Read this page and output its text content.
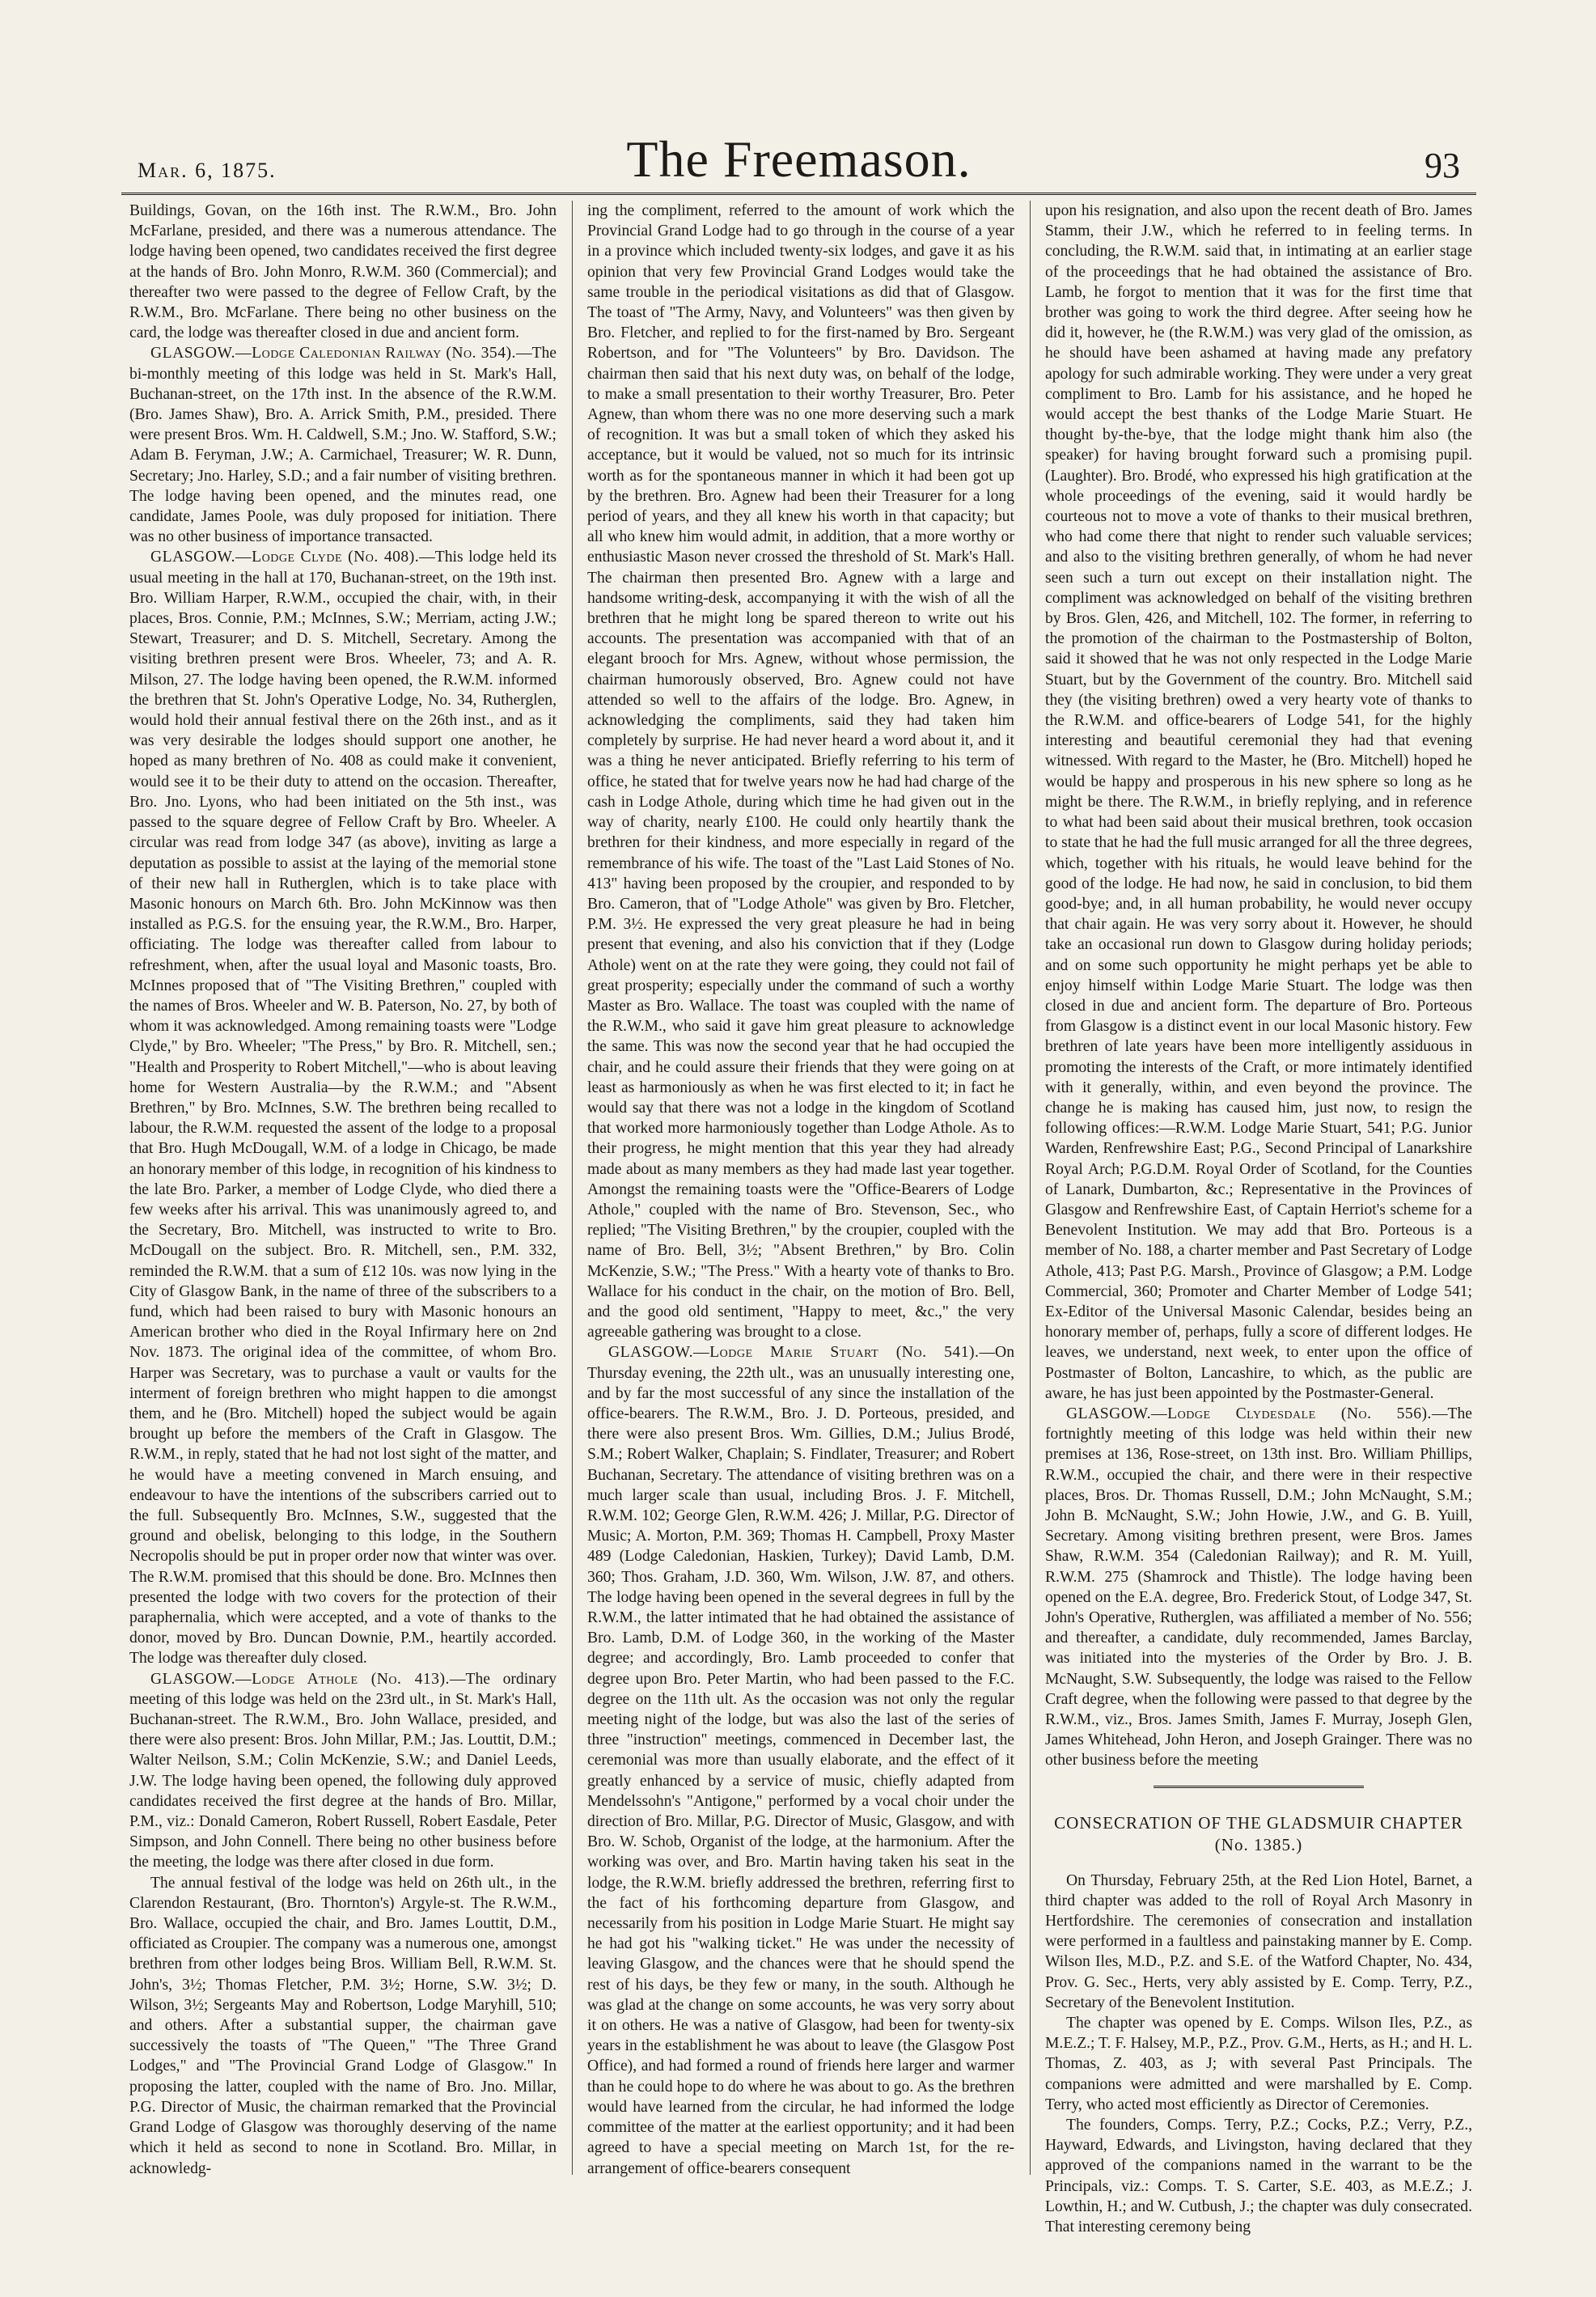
Mar. 6, 1875.	The Freemason.	93

Buildings, Govan, on the 16th inst. The R.W.M., Bro. John McFarlane, presided, and there was a numerous attendance. The lodge having been opened, two candidates received the first degree at the hands of Bro. John Monro, R.W.M. 360 (Commercial); and thereafter two were passed to the degree of Fellow Craft, by the R.W.M., Bro. McFarlane. There being no other business on the card, the lodge was thereafter closed in due and ancient form.

GLASGOW.—Lodge Caledonian Railway (No. 354).—The bi-monthly meeting of this lodge was held in St. Mark's Hall, Buchanan-street, on the 17th inst. In the absence of the R.W.M. (Bro. James Shaw), Bro. A. Arrick Smith, P.M., presided. There were present Bros. Wm. H. Caldwell, S.M.; Jno. W. Stafford, S.W.; Adam B. Feryman, J.W.; A. Carmichael, Treasurer; W. R. Dunn, Secretary; Jno. Harley, S.D.; and a fair number of visiting brethren. The lodge having been opened, and the minutes read, one candidate, James Poole, was duly proposed for initiation. There was no other business of importance transacted.

GLASGOW.—Lodge Clyde (No. 408).—This lodge held its usual meeting in the hall at 170, Buchanan-street, on the 19th inst. Bro. William Harper, R.W.M., occupied the chair, with, in their places, Bros. Connie, P.M.; McInnes, S.W.; Merriam, acting J.W.; Stewart, Treasurer; and D. S. Mitchell, Secretary. Among the visiting brethren present were Bros. Wheeler, 73; and A. R. Milson, 27. The lodge having been opened, the R.W.M. informed the brethren that St. John's Operative Lodge, No. 34, Rutherglen, would hold their annual festival there on the 26th inst., and as it was very desirable the lodges should support one another, he hoped as many brethren of No. 408 as could make it convenient, would see it to be their duty to attend on the occasion. Thereafter, Bro. Jno. Lyons, who had been initiated on the 5th inst., was passed to the square degree of Fellow Craft by Bro. Wheeler. A circular was read from lodge 347 (as above), inviting as large a deputation as possible to assist at the laying of the memorial stone of their new hall in Rutherglen, which is to take place with Masonic honours on March 6th. Bro. John McKinnow was then installed as P.G.S. for the ensuing year, the R.W.M., Bro. Harper, officiating. The lodge was thereafter called from labour to refreshment, when, after the usual loyal and Masonic toasts, Bro. McInnes proposed that of "The Visiting Brethren," coupled with the names of Bros. Wheeler and W. B. Paterson, No. 27, by both of whom it was acknowledged. Among remaining toasts were "Lodge Clyde," by Bro. Wheeler; "The Press," by Bro. R. Mitchell, sen.; "Health and Prosperity to Robert Mitchell,"—who is about leaving home for Western Australia—by the R.W.M.; and "Absent Brethren," by Bro. McInnes, S.W. The brethren being recalled to labour, the R.W.M. requested the assent of the lodge to a proposal that Bro. Hugh McDougall, W.M. of a lodge in Chicago, be made an honorary member of this lodge, in recognition of his kindness to the late Bro. Parker, a member of Lodge Clyde, who died there a few weeks after his arrival. This was unanimously agreed to, and the Secretary, Bro. Mitchell, was instructed to write to Bro. McDougall on the subject. Bro. R. Mitchell, sen., P.M. 332, reminded the R.W.M. that a sum of £12 10s. was now lying in the City of Glasgow Bank, in the name of three of the subscribers to a fund, which had been raised to bury with Masonic honours an American brother who died in the Royal Infirmary here on 2nd Nov. 1873. The original idea of the committee, of whom Bro. Harper was Secretary, was to purchase a vault or vaults for the interment of foreign brethren who might happen to die amongst them, and he (Bro. Mitchell) hoped the subject would be again brought up before the members of the Craft in Glasgow. The R.W.M., in reply, stated that he had not lost sight of the matter, and he would have a meeting convened in March ensuing, and endeavour to have the intentions of the subscribers carried out to the full. Subsequently Bro. McInnes, S.W., suggested that the ground and obelisk, belonging to this lodge, in the Southern Necropolis should be put in proper order now that winter was over. The R.W.M. promised that this should be done. Bro. McInnes then presented the lodge with two covers for the protection of their paraphernalia, which were accepted, and a vote of thanks to the donor, moved by Bro. Duncan Downie, P.M., heartily accorded. The lodge was thereafter duly closed.

GLASGOW.—Lodge Athole (No. 413).—The ordinary meeting of this lodge was held on the 23rd ult., in St. Mark's Hall, Buchanan-street. The R.W.M., Bro. John Wallace, presided, and there were also present: Bros. John Millar, P.M.; Jas. Louttit, D.M.; Walter Neilson, S.M.; Colin McKenzie, S.W.; and Daniel Leeds, J.W. The lodge having been opened, the following duly approved candidates received the first degree at the hands of Bro. Millar, P.M., viz.: Donald Cameron, Robert Russell, Robert Easdale, Peter Simpson, and John Connell. There being no other business before the meeting, the lodge was there after closed in due form.

The annual festival of the lodge was held on 26th ult., in the Clarendon Restaurant, (Bro. Thornton's) Argyle-st. The R.W.M., Bro. Wallace, occupied the chair, and Bro. James Louttit, D.M., officiated as Croupier. The company was a numerous one, amongst brethren from other lodges being Bros. William Bell, R.W.M. St. John's, 3½; Thomas Fletcher, P.M. 3½; Horne, S.W. 3½; D. Wilson, 3½; Sergeants May and Robertson, Lodge Maryhill, 510; and others. After a substantial supper, the chairman gave successively the toasts of "The Queen," "The Three Grand Lodges," and "The Provincial Grand Lodge of Glasgow." In proposing the latter, coupled with the name of Bro. Jno. Millar, P.G. Director of Music, the chairman remarked that the Provincial Grand Lodge of Glasgow was thoroughly deserving of the name which it held as second to none in Scotland. Bro. Millar, in acknowledg-

ing the compliment, referred to the amount of work which the Provincial Grand Lodge had to go through in the course of a year in a province which included twenty-six lodges, and gave it as his opinion that very few Provincial Grand Lodges would take the same trouble in the periodical visitations as did that of Glasgow. The toast of "The Army, Navy, and Volunteers" was then given by Bro. Fletcher, and replied to for the first-named by Bro. Sergeant Robertson, and for "The Volunteers" by Bro. Davidson. The chairman then said that his next duty was, on behalf of the lodge, to make a small presentation to their worthy Treasurer, Bro. Peter Agnew, than whom there was no one more deserving such a mark of recognition. It was but a small token of which they asked his acceptance, but it would be valued, not so much for its intrinsic worth as for the spontaneous manner in which it had been got up by the brethren. Bro. Agnew had been their Treasurer for a long period of years, and they all knew his worth in that capacity; but all who knew him would admit, in addition, that a more worthy or enthusiastic Mason never crossed the threshold of St. Mark's Hall. The chairman then presented Bro. Agnew with a large and handsome writing-desk, accompanying it with the wish of all the brethren that he might long be spared thereon to write out his accounts. The presentation was accompanied with that of an elegant brooch for Mrs. Agnew, without whose permission, the chairman humorously observed, Bro. Agnew could not have attended so well to the affairs of the lodge. Bro. Agnew, in acknowledging the compliments, said they had taken him completely by surprise. He had never heard a word about it, and it was a thing he never anticipated. Briefly referring to his term of office, he stated that for twelve years now he had had charge of the cash in Lodge Athole, during which time he had given out in the way of charity, nearly £100. He could only heartily thank the brethren for their kindness, and more especially in regard of the remembrance of his wife. The toast of the "Last Laid Stones of No. 413" having been proposed by the croupier, and responded to by Bro. Cameron, that of "Lodge Athole" was given by Bro. Fletcher, P.M. 3½. He expressed the very great pleasure he had in being present that evening, and also his conviction that if they (Lodge Athole) went on at the rate they were going, they could not fail of great prosperity; especially under the command of such a worthy Master as Bro. Wallace. The toast was coupled with the name of the R.W.M., who said it gave him great pleasure to acknowledge the same. This was now the second year that he had occupied the chair, and he could assure their friends that they were going on at least as harmoniously as when he was first elected to it; in fact he would say that there was not a lodge in the kingdom of Scotland that worked more harmoniously together than Lodge Athole. As to their progress, he might mention that this year they had already made about as many members as they had made last year together. Amongst the remaining toasts were the "Office-Bearers of Lodge Athole," coupled with the name of Bro. Stevenson, Sec., who replied; "The Visiting Brethren," by the croupier, coupled with the name of Bro. Bell, 3½; "Absent Brethren," by Bro. Colin McKenzie, S.W.; "The Press." With a hearty vote of thanks to Bro. Wallace for his conduct in the chair, on the motion of Bro. Bell, and the good old sentiment, "Happy to meet, &c.," the very agreeable gathering was brought to a close.

GLASGOW.—Lodge Marie Stuart (No. 541).—On Thursday evening, the 22th ult., was an unusually interesting one, and by far the most successful of any since the installation of the office-bearers. The R.W.M., Bro. J. D. Porteous, presided, and there were also present Bros. Wm. Gillies, D.M.; Julius Brodé, S.M.; Robert Walker, Chaplain; S. Findlater, Treasurer; and Robert Buchanan, Secretary. The attendance of visiting brethren was on a much larger scale than usual, including Bros. J. F. Mitchell, R.W.M. 102; George Glen, R.W.M. 426; J. Millar, P.G. Director of Music; A. Morton, P.M. 369; Thomas H. Campbell, Proxy Master 489 (Lodge Caledonian, Haskien, Turkey); David Lamb, D.M. 360; Thos. Graham, J.D. 360, Wm. Wilson, J.W. 87, and others. The lodge having been opened in the several degrees in full by the R.W.M., the latter intimated that he had obtained the assistance of Bro. Lamb, D.M. of Lodge 360, in the working of the Master degree; and accordingly, Bro. Lamb proceeded to confer that degree upon Bro. Peter Martin, who had been passed to the F.C. degree on the 11th ult. As the occasion was not only the regular meeting night of the lodge, but was also the last of the series of three "instruction" meetings, commenced in December last, the ceremonial was more than usually elaborate, and the effect of it greatly enhanced by a service of music, chiefly adapted from Mendelssohn's "Antigone," performed by a vocal choir under the direction of Bro. Millar, P.G. Director of Music, Glasgow, and with Bro. W. Schob, Organist of the lodge, at the harmonium. After the working was over, and Bro. Martin having taken his seat in the lodge, the R.W.M. briefly addressed the brethren, referring first to the fact of his forthcoming departure from Glasgow, and necessarily from his position in Lodge Marie Stuart. He might say he had got his "walking ticket." He was under the necessity of leaving Glasgow, and the chances were that he should spend the rest of his days, be they few or many, in the south. Although he was glad at the change on some accounts, he was very sorry about it on others. He was a native of Glasgow, had been for twenty-six years in the establishment he was about to leave (the Glasgow Post Office), and had formed a round of friends here larger and warmer than he could hope to do where he was about to go. As the brethren would have learned from the circular, he had informed the lodge committee of the matter at the earliest opportunity; and it had been agreed to have a special meeting on March 1st, for the re-arrangement of office-bearers consequent

upon his resignation, and also upon the recent death of Bro. James Stamm, their J.W., which he referred to in feeling terms. In concluding, the R.W.M. said that, in intimating at an earlier stage of the proceedings that he had obtained the assistance of Bro. Lamb, he forgot to mention that it was for the first time that brother was going to work the third degree. After seeing how he did it, however, he (the R.W.M.) was very glad of the omission, as he should have been ashamed at having made any prefatory apology for such admirable working. They were under a very great compliment to Bro. Lamb for his assistance, and he hoped he would accept the best thanks of the Lodge Marie Stuart. He thought by-the-bye, that the lodge might thank him also (the speaker) for having brought forward such a promising pupil. (Laughter). Bro. Brodé, who expressed his high gratification at the whole proceedings of the evening, said it would hardly be courteous not to move a vote of thanks to their musical brethren, who had come there that night to render such valuable services; and also to the visiting brethren generally, of whom he had never seen such a turn out except on their installation night. The compliment was acknowledged on behalf of the visiting brethren by Bros. Glen, 426, and Mitchell, 102. The former, in referring to the promotion of the chairman to the Postmastership of Bolton, said it showed that he was not only respected in the Lodge Marie Stuart, but by the Government of the country. Bro. Mitchell said they (the visiting brethren) owed a very hearty vote of thanks to the R.W.M. and office-bearers of Lodge 541, for the highly interesting and beautiful ceremonial they had that evening witnessed. With regard to the Master, he (Bro. Mitchell) hoped he would be happy and prosperous in his new sphere so long as he might be there. The R.W.M., in briefly replying, and in reference to what had been said about their musical brethren, took occasion to state that he had the full music arranged for all the three degrees, which, together with his rituals, he would leave behind for the good of the lodge. He had now, he said in conclusion, to bid them good-bye; and, in all human probability, he would never occupy that chair again. He was very sorry about it. However, he should take an occasional run down to Glasgow during holiday periods; and on some such opportunity he might perhaps yet be able to enjoy himself within Lodge Marie Stuart. The lodge was then closed in due and ancient form. The departure of Bro. Porteous from Glasgow is a distinct event in our local Masonic history. Few brethren of late years have been more intelligently assiduous in promoting the interests of the Craft, or more intimately identified with it generally, within, and even beyond the province. The change he is making has caused him, just now, to resign the following offices:—R.W.M. Lodge Marie Stuart, 541; P.G. Junior Warden, Renfrewshire East; P.G., Second Principal of Lanarkshire Royal Arch; P.G.D.M. Royal Order of Scotland, for the Counties of Lanark, Dumbarton, &c.; Representative in the Provinces of Glasgow and Renfrewshire East, of Captain Herriot's scheme for a Benevolent Institution. We may add that Bro. Porteous is a member of No. 188, a charter member and Past Secretary of Lodge Athole, 413; Past P.G. Marsh., Province of Glasgow; a P.M. Lodge Commercial, 360; Promoter and Charter Member of Lodge 541; Ex-Editor of the Universal Masonic Calendar, besides being an honorary member of, perhaps, fully a score of different lodges. He leaves, we understand, next week, to enter upon the office of Postmaster of Bolton, Lancashire, to which, as the public are aware, he has just been appointed by the Postmaster-General.

GLASGOW.—Lodge Clydesdale (No. 556).—The fortnightly meeting of this lodge was held within their new premises at 136, Rose-street, on 13th inst. Bro. William Phillips, R.W.M., occupied the chair, and there were in their respective places, Bros. Dr. Thomas Russell, D.M.; John McNaught, S.M.; John B. McNaught, S.W.; John Howie, J.W., and G. B. Yuill, Secretary. Among visiting brethren present, were Bros. James Shaw, R.W.M. 354 (Caledonian Railway); and R. M. Yuill, R.W.M. 275 (Shamrock and Thistle). The lodge having been opened on the E.A. degree, Bro. Frederick Stout, of Lodge 347, St. John's Operative, Rutherglen, was affiliated a member of No. 556; and thereafter, a candidate, duly recommended, James Barclay, was initiated into the mysteries of the Order by Bro. J. B. McNaught, S.W. Subsequently, the lodge was raised to the Fellow Craft degree, when the following were passed to that degree by the R.W.M., viz., Bros. James Smith, James F. Murray, Joseph Glen, James Whitehead, John Heron, and Joseph Grainger. There was no other business before the meeting

CONSECRATION OF THE GLADSMUIR CHAPTER (No. 1385.)

On Thursday, February 25th, at the Red Lion Hotel, Barnet, a third chapter was added to the roll of Royal Arch Masonry in Hertfordshire. The ceremonies of consecration and installation were performed in a faultless and painstaking manner by E. Comp. Wilson Iles, M.D., P.Z. and S.E. of the Watford Chapter, No. 434, Prov. G. Sec., Herts, very ably assisted by E. Comp. Terry, P.Z., Secretary of the Benevolent Institution.

The chapter was opened by E. Comps. Wilson Iles, P.Z., as M.E.Z.; T. F. Halsey, M.P., P.Z., Prov. G.M., Herts, as H.; and H. L. Thomas, Z. 403, as J; with several Past Principals. The companions were admitted and were marshalled by E. Comp. Terry, who acted most efficiently as Director of Ceremonies.

The founders, Comps. Terry, P.Z.; Cocks, P.Z.; Verry, P.Z., Hayward, Edwards, and Livingston, having declared that they approved of the companions named in the warrant to be the Principals, viz.: Comps. T. S. Carter, S.E. 403, as M.E.Z.; J. Lowthin, H.; and W. Cutbush, J.; the chapter was duly consecrated. That interesting ceremony being
